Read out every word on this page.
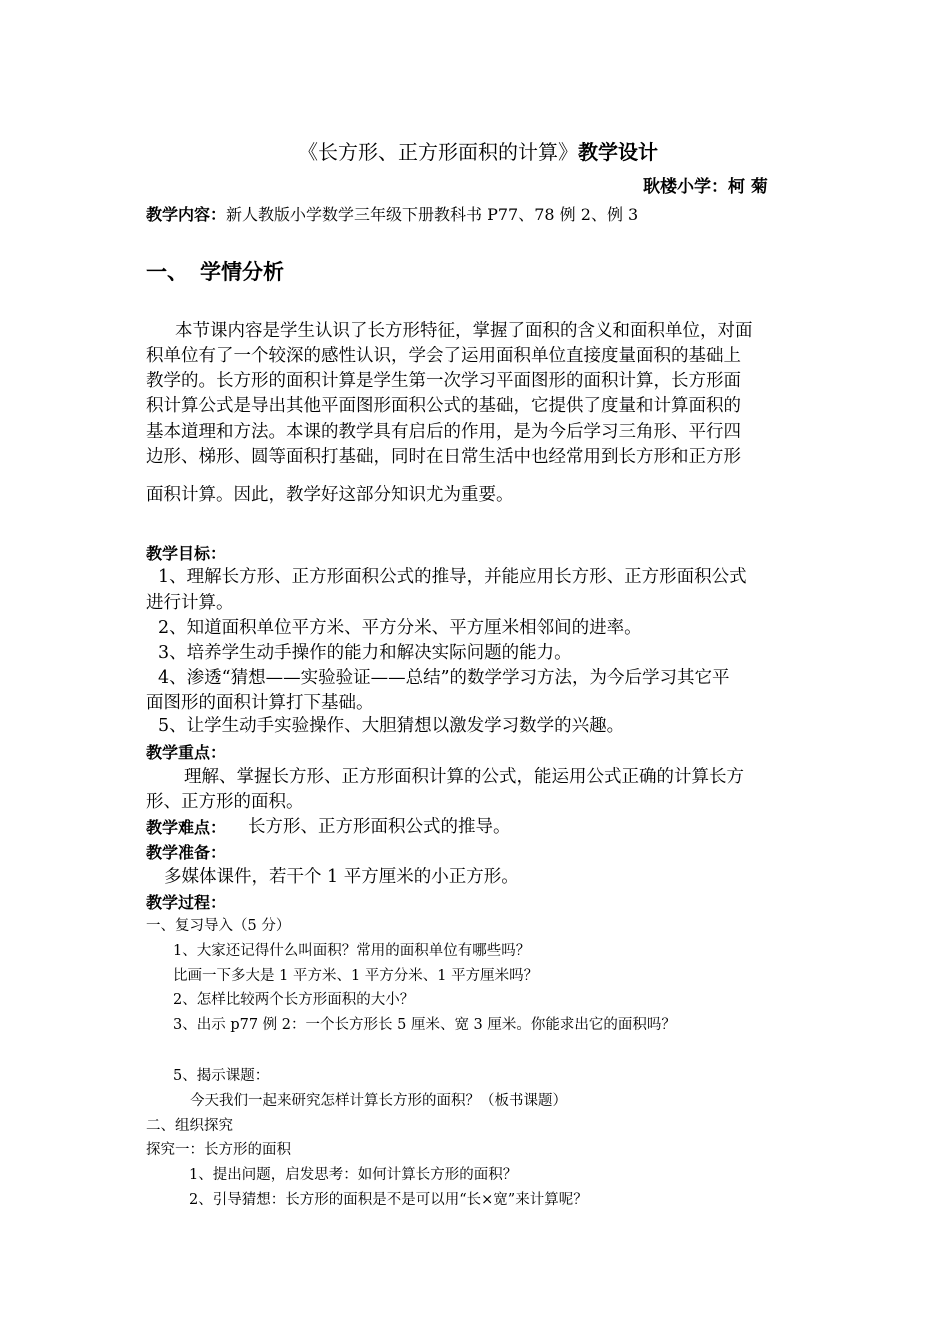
《长方形、正方形面积的计算》教学设计
耿楼小学：柯 菊
教学内容：新人教版小学数学三年级下册教科书 P77、78 例 2、例 3
一、 学情分析
本节课内容是学生认识了长方形特征，掌握了面积的含义和面积单位，对面
积单位有了一个较深的感性认识，学会了运用面积单位直接度量面积的基础上
教学的。长方形的面积计算是学生第一次学习平面图形的面积计算，长方形面
积计算公式是导出其他平面图形面积公式的基础，它提供了度量和计算面积的
基本道理和方法。本课的教学具有启后的作用，是为今后学习三角形、平行四
边形、梯形、圆等面积打基础，同时在日常生活中也经常用到长方形和正方形
面积计算。因此，教学好这部分知识尤为重要。
教学目标：
1、理解长方形、正方形面积公式的推导，并能应用长方形、正方形面积公式
进行计算。
2、知道面积单位平方米、平方分米、平方厘米相邻间的进率。
3、培养学生动手操作的能力和解决实际问题的能力。
4、渗透“猜想——实验验证——总结”的数学学习方法，为今后学习其它平
面图形的面积计算打下基础。
5、让学生动手实验操作、大胆猜想以激发学习数学的兴趣。
教学重点：
理解、掌握长方形、正方形面积计算的公式，能运用公式正确的计算长方
形、正方形的面积。
教学难点： 长方形、正方形面积公式的推导。
教学准备：
多媒体课件，若干个 1 平方厘米的小正方形。
教学过程：
一、复习导入（5 分）
1、大家还记得什么叫面积？常用的面积单位有哪些吗？
比画一下多大是 1 平方米、1 平方分米、1 平方厘米吗？
2、怎样比较两个长方形面积的大小？
3、出示 p77 例 2：一个长方形长 5 厘米、宽 3 厘米。你能求出它的面积吗？
5、揭示课题：
今天我们一起来研究怎样计算长方形的面积？（板书课题）
二、组织探究
探究一：长方形的面积
1、提出问题，启发思考：如何计算长方形的面积？
2、引导猜想：长方形的面积是不是可以用“长×宽”来计算呢？
